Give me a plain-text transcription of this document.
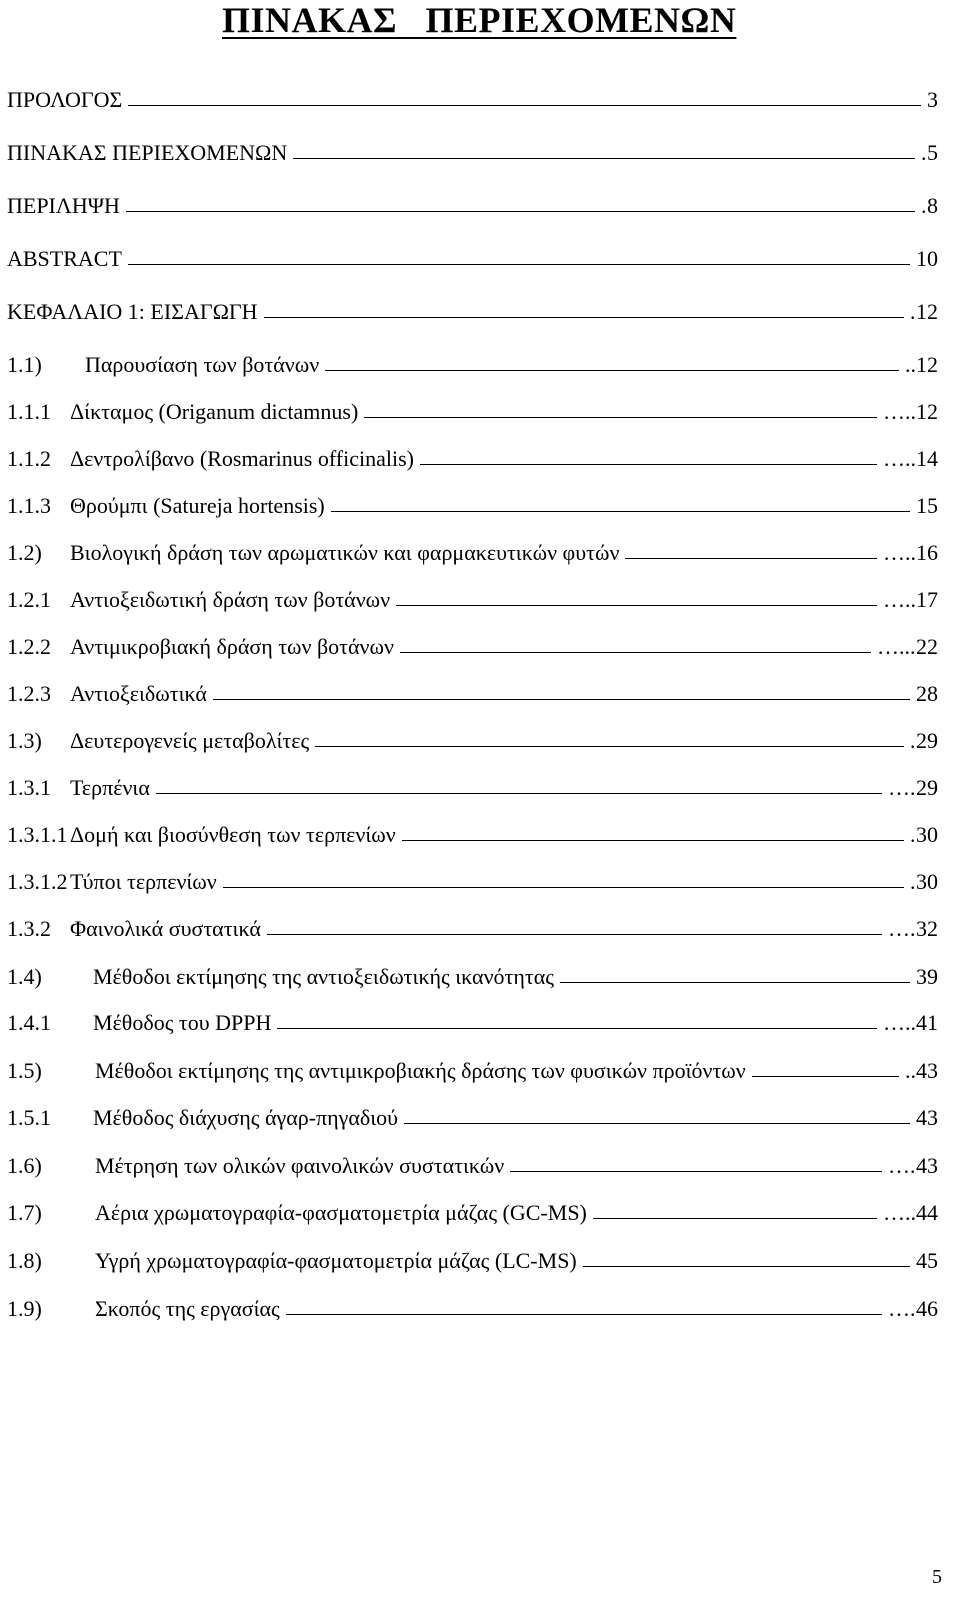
ΠΙΝΑΚΑΣ   ΠΕΡΙΕΧΟΜΕΝΩΝ
ΠΡΟΛΟΓΟΣ	3
ΠΙΝΑΚΑΣ ΠΕΡΙΕΧΟΜΕΝΩΝ	. 5
ΠΕΡΙΛΗΨΗ	. 8
ABSTRACT	10
ΚΕΦΑΛΑΙΟ 1: ΕΙΣΑΓΩΓΗ	. 12
1.1) Παρουσίαση των βοτάνων	.. 12
1.1.1 Δίκταμος (Origanum dictamnus)	….. 12
1.1.2 Δεντρολίβανο (Rosmarinus officinalis)	….. 14
1.1.3 Θρούμπι (Satureja hortensis)	15
1.2) Βιολογική δράση των αρωματικών και φαρμακευτικών φυτών	….. 16
1.2.1 Αντιοξειδωτική δράση των βοτάνων	….. 17
1.2.2 Αντιμικροβιακή δράση των βοτάνων	…... 22
1.2.3 Αντιοξειδωτικά	28
1.3) Δευτερογενείς μεταβολίτες	. 29
1.3.1 Τερπένια	…. 29
1.3.1.1 Δομή και βιοσύνθεση των τερπενίων	. 30
1.3.1.2 Τύποι τερπενίων	. 30
1.3.2 Φαινολικά συστατικά	…. 32
1.4) Μέθοδοι εκτίμησης της αντιοξειδωτικής ικανότητας	39
1.4.1 Μέθοδος του DPPH	….. 41
1.5) Μέθοδοι εκτίμησης της αντιμικροβιακής δράσης των φυσικών προϊόντων	.. 43
1.5.1 Μέθοδος διάχυσης άγαρ-πηγαδιού	43
1.6) Μέτρηση των ολικών φαινολικών συστατικών	…. 43
1.7) Αέρια χρωματογραφία-φασματομετρία μάζας (GC-MS)	….. 44
1.8) Υγρή χρωματογραφία-φασματομετρία μάζας (LC-MS)	45
1.9) Σκοπός της εργασίας	…. 46
5
